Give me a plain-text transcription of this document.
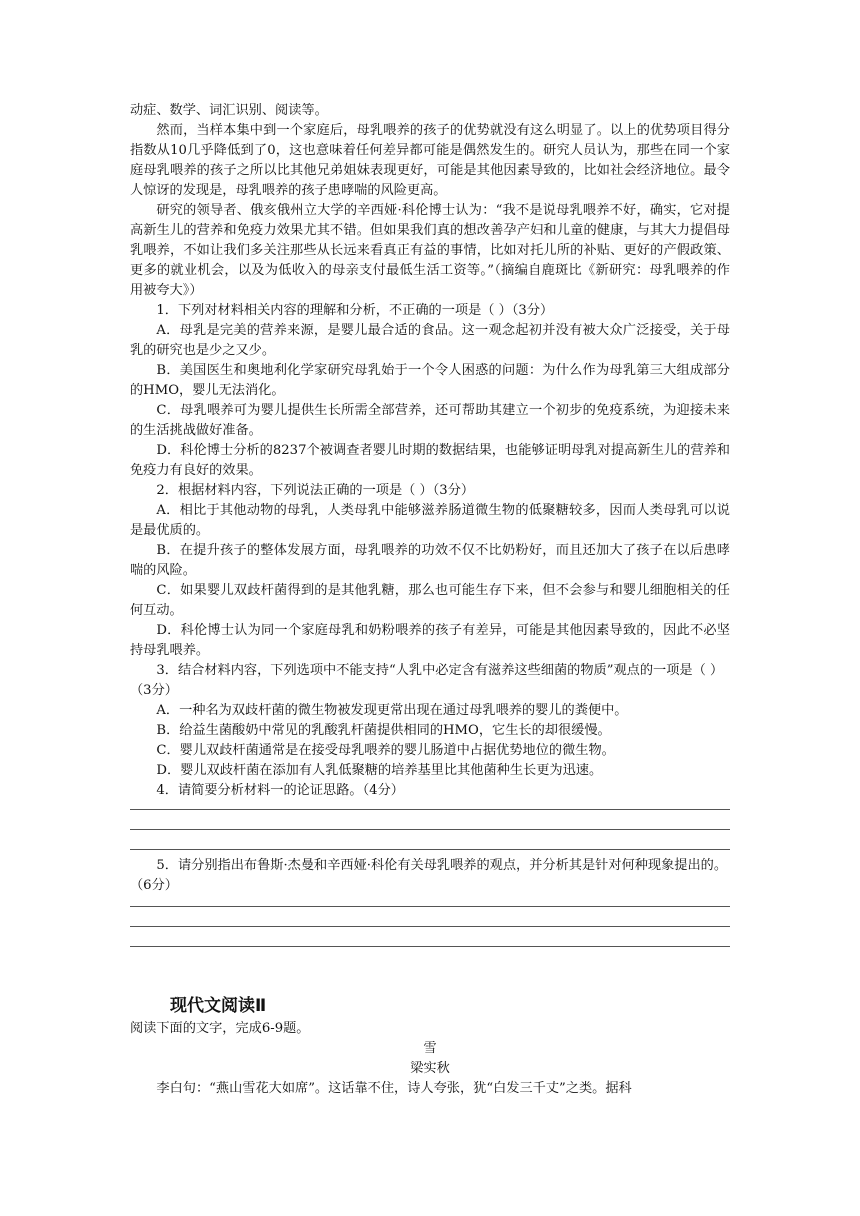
动症、数学、词汇识别、阅读等。

然而，当样本集中到一个家庭后，母乳喂养的孩子的优势就没有这么明显了。以上的优势项目得分指数从10几乎降低到了0，这也意味着任何差异都可能是偶然发生的。研究人员认为，那些在同一个家庭母乳喂养的孩子之所以比其他兄弟姐妹表现更好，可能是其他因素导致的，比如社会经济地位。最令人惊讶的发现是，母乳喂养的孩子患哮喘的风险更高。

研究的领导者、俄亥俄州立大学的辛西娅·科伦博士认为：“我不是说母乳喂养不好，确实，它对提高新生儿的营养和免疫力效果尤其不错。但如果我们真的想改善孕产妇和儿童的健康，与其大力提倡母乳喂养，不如让我们多关注那些从长远来看真正有益的事情，比如对托儿所的补贴、更好的产假政策、更多的就业机会，以及为低收入的母亲支付最低生活工资等。”（摘编自鹿斑比《新研究：母乳喂养的作用被夸大》）

1．下列对材料相关内容的理解和分析，不正确的一项是（ ）（3分）

A．母乳是完美的营养来源，是婴儿最合适的食品。这一观念起初并没有被大众广泛接受，关于母乳的研究也是少之又少。

B．美国医生和奥地利化学家研究母乳始于一个令人困惑的问题：为什么作为母乳第三大组成部分的HMO，婴儿无法消化。

C．母乳喂养可为婴儿提供生长所需全部营养，还可帮助其建立一个初步的免疫系统，为迎接未来的生活挑战做好准备。

D．科伦博士分析的8237个被调查者婴儿时期的数据结果，也能够证明母乳对提高新生儿的营养和免疫力有良好的效果。

2．根据材料内容，下列说法正确的一项是（ ）（3分）

A．相比于其他动物的母乳，人类母乳中能够滋养肠道微生物的低聚糖较多，因而人类母乳可以说是最优质的。

B．在提升孩子的整体发展方面，母乳喂养的功效不仅不比奶粉好，而且还加大了孩子在以后患哮喘的风险。

C．如果婴儿双歧杆菌得到的是其他乳糖，那么也可能生存下来，但不会参与和婴儿细胞相关的任何互动。

D．科伦博士认为同一个家庭母乳和奶粉喂养的孩子有差异，可能是其他因素导致的，因此不必坚持母乳喂养。

3．结合材料内容，下列选项中不能支持“人乳中必定含有滋养这些细菌的物质”观点的一项是（ ）（3分）

A．一种名为双歧杆菌的微生物被发现更常出现在通过母乳喂养的婴儿的粪便中。

B．给益生菌酸奶中常见的乳酸乳杆菌提供相同的HMO，它生长的却很缓慢。

C．婴儿双歧杆菌通常是在接受母乳喂养的婴儿肠道中占据优势地位的微生物。

D．婴儿双歧杆菌在添加有人乳低聚糖的培养基里比其他菌种生长更为迅速。

4．请简要分析材料一的论证思路。（4分）

5．请分别指出布鲁斯·杰曼和辛西娅·科伦有关母乳喂养的观点，并分析其是针对何种现象提出的。（6分）

现代文阅读Ⅱ

阅读下面的文字，完成6-9题。

雪

梁实秋

李白句：“燕山雪花大如席”。这话靠不住，诗人夸张，犹“白发三千丈”之类。据科
